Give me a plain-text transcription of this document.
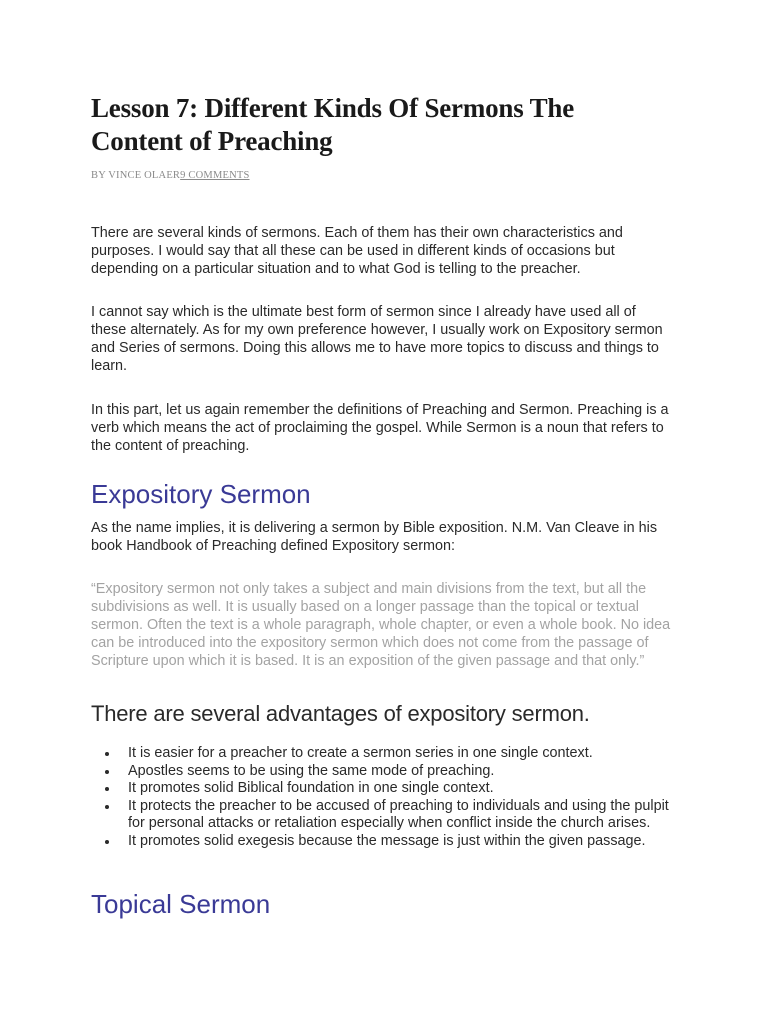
Lesson 7: Different Kinds Of Sermons The Content of Preaching
BY VINCE OLAER9 COMMENTS

There are several kinds of sermons. Each of them has their own characteristics and purposes. I would say that all these can be used in different kinds of occasions but depending on a particular situation and to what God is telling to the preacher.

I cannot say which is the ultimate best form of sermon since I already have used all of these alternately. As for my own preference however, I usually work on Expository sermon and Series of sermons. Doing this allows me to have more topics to discuss and things to learn.

In this part, let us again remember the definitions of Preaching and Sermon. Preaching is a verb which means the act of proclaiming the gospel. While Sermon is a noun that refers to the content of preaching.

Expository Sermon

As the name implies, it is delivering a sermon by Bible exposition. N.M. Van Cleave in his book Handbook of Preaching defined Expository sermon:

“Expository sermon not only takes a subject and main divisions from the text, but all the subdivisions as well. It is usually based on a longer passage than the topical or textual sermon. Often the text is a whole paragraph, whole chapter, or even a whole book. No idea can be introduced into the expository sermon which does not come from the passage of Scripture upon which it is based. It is an exposition of the given passage and that only.”

There are several advantages of expository sermon.
It is easier for a preacher to create a sermon series in one single context.
Apostles seems to be using the same mode of preaching.
It promotes solid Biblical foundation in one single context.
It protects the preacher to be accused of preaching to individuals and using the pulpit for personal attacks or retaliation especially when conflict inside the church arises.
It promotes solid exegesis because the message is just within the given passage.
Topical Sermon
